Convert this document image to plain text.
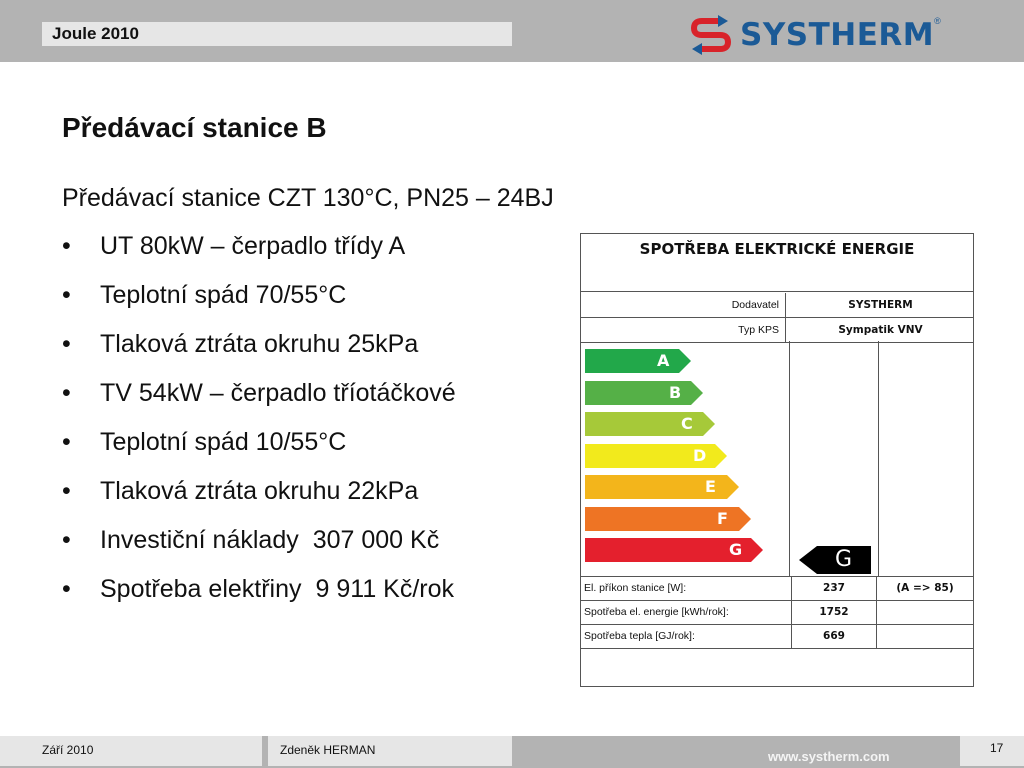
Joule 2010	SYSTHERM ®
Předávací stanice B
Předávací stanice CZT 130°C, PN25 – 24BJ
•	UT 80kW – čerpadlo třídy A
•	Teplotní spád 70/55°C
•	Tlaková ztráta okruhu 25kPa
•	TV 54kW – čerpadlo tříotáčkové
•	Teplotní spád 10/55°C
•	Tlaková ztráta okruhu 22kPa
•	Investiční náklady 307 000 Kč
•	Spotřeba elektřiny 9 911 Kč/rok
SPOTŘEBA ELEKTRICKÉ ENERGIE
Dodavatel	SYSTHERM
Typ KPS	Sympatik VNV
A
B
C
D
E
F
G	G
El. příkon stanice [W]:	237	(A => 85)
Spotřeba el. energie [kWh/rok]:	1752
Spotřeba tepla [GJ/rok]:	669
Září 2010	Zdeněk HERMAN	www.systherm.com
17
